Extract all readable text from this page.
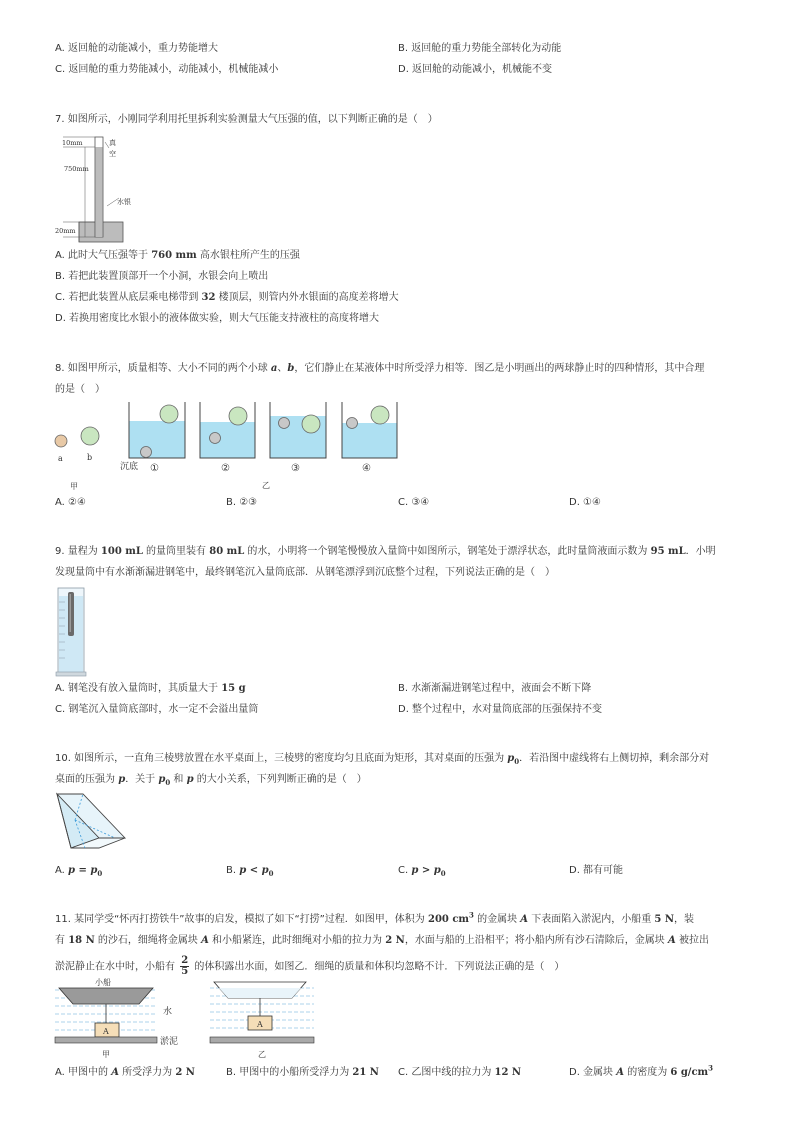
A. 返回舱的动能减小，重力势能增大	B. 返回舱的重力势能全部转化为动能
C. 返回舱的重力势能减小，动能减小，机械能减小	D. 返回舱的动能减小，机械能不变
7. 如图所示，小刚同学利用托里拆利实验测量大气压强的值，以下判断正确的是（　）
10mm
750mm
20mm
真
空
水银
A. 此时大气压强等于 760 mm 高水银柱所产生的压强
B. 若把此装置顶部开一个小洞，水银会向上喷出
C. 若把此装置从底层乘电梯带到 32 楼顶层，则管内外水银面的高度差将增大
D. 若换用密度比水银小的液体做实验，则大气压能支持液柱的高度将增大
8. 如图甲所示，质量相等、大小不同的两个小球 a、b，它们静止在某液体中时所受浮力相等．图乙是小明画出的两球静止时的四种情形，其中合理
的是（　）
a	b
甲
沉底 ①	②	③	④
乙
A. ②④	B. ②③	C. ③④	D. ①④
9. 量程为 100 mL 的量筒里装有 80 mL 的水，小明将一个钢笔慢慢放入量筒中如图所示，钢笔处于漂浮状态，此时量筒液面示数为 95 mL．小明
发现量筒中有水渐渐漏进钢笔中，最终钢笔沉入量筒底部．从钢笔漂浮到沉底整个过程，下列说法正确的是（　）
A. 钢笔没有放入量筒时，其质量大于 15 g	B. 水渐渐漏进钢笔过程中，液面会不断下降
C. 钢笔沉入量筒底部时，水一定不会溢出量筒	D. 整个过程中，水对量筒底部的压强保持不变
10. 如图所示，一直角三棱劈放置在水平桌面上，三棱劈的密度均匀且底面为矩形，其对桌面的压强为 $p_0$．若沿图中虚线将右上侧切掉，剩余部分对
桌面的压强为 p．关于 $p_0$ 和 p 的大小关系，下列判断正确的是（　）
A. $p = p_0$	B. $p < p_0$	C. $p > p_0$	D. 都有可能
11. 某同学受“怀丙打捞铁牛”故事的启发，模拟了如下“打捞”过程．如图甲，体积为 200 $cm^3$ 的金属块 A 下表面陷入淤泥内，小船重 5 N，装
有 18 N 的沙石，细绳将金属块 A 和小船紧连，此时细绳对小船的拉力为 2 N，水面与船的上沿相平；将小船内所有沙石清除后，金属块 A 被拉出
淤泥静止在水中时，小船有 $\frac{2}{5}$ 的体积露出水面，如图乙．细绳的质量和体积均忽略不计．下列说法正确的是（　）
A
小船
水
淤泥
甲
A
乙
A. 甲图中的 A 所受浮力为 2 N	B. 甲图中的小船所受浮力为 21 N C. 乙图中线的拉力为 12 N	D. 金属块 A 的密度为 6 $g/cm^3$
